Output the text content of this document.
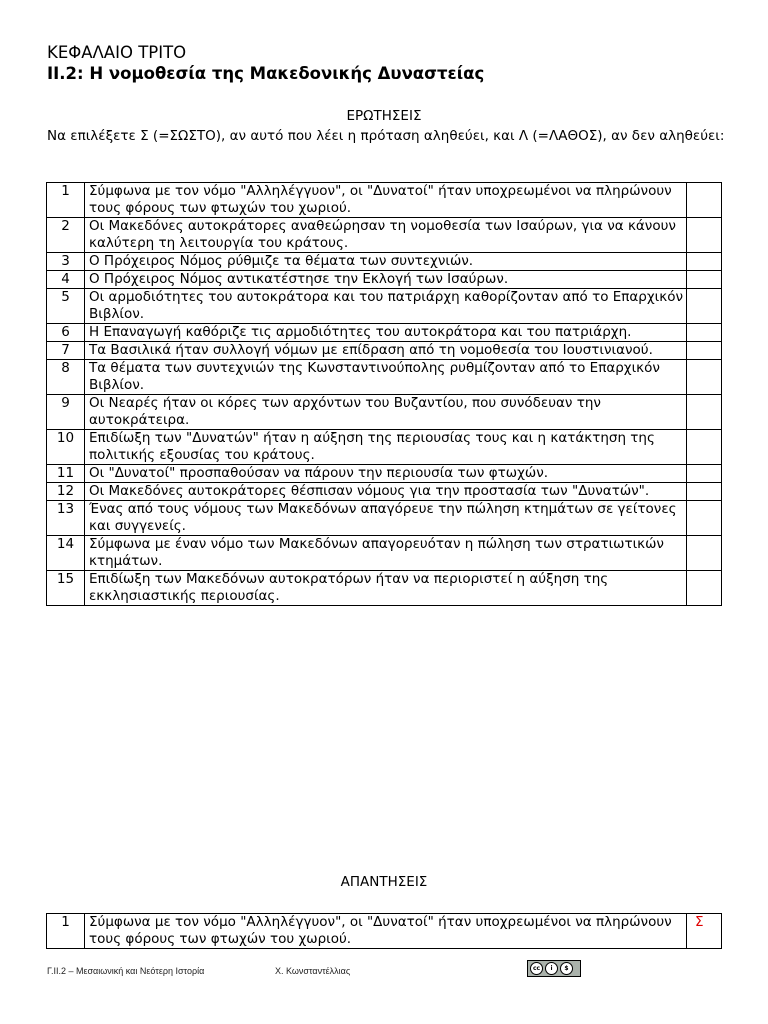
ΚΕΦΑΛΑΙΟ ΤΡΙΤΟ
ΙΙ.2: Η νομοθεσία της Μακεδονικής Δυναστείας
ΕΡΩΤΗΣΕΙΣ
Να επιλέξετε Σ (=ΣΩΣΤΟ), αν αυτό που λέει η πρόταση αληθεύει, και Λ (=ΛΑΘΟΣ), αν δεν αληθεύει:
1	Σύμφωνα με τον νόμο "Αλληλέγγυον", οι "Δυνατοί" ήταν υποχρεωμένοι να πληρώνουν τους φόρους των φτωχών του χωριού.	
2	Οι Μακεδόνες αυτοκράτορες αναθεώρησαν τη νομοθεσία των Ισαύρων, για να κάνουν καλύτερη τη λειτουργία του κράτους.	
3	Ο Πρόχειρος Νόμος ρύθμιζε τα θέματα των συντεχνιών.	
4	Ο Πρόχειρος Νόμος αντικατέστησε την Εκλογή των Ισαύρων.	
5	Οι αρμοδιότητες του αυτοκράτορα και του πατριάρχη καθορίζονταν από το Επαρχικόν Βιβλίον.	
6	Η Επαναγωγή καθόριζε τις αρμοδιότητες του αυτοκράτορα και του πατριάρχη.	
7	Τα Βασιλικά ήταν συλλογή νόμων με επίδραση από τη νομοθεσία του Ιουστινιανού.	
8	Τα θέματα των συντεχνιών της Κωνσταντινούπολης ρυθμίζονταν από το Επαρχικόν Βιβλίον.	
9	Οι Νεαρές ήταν οι κόρες των αρχόντων του Βυζαντίου, που συνόδευαν την αυτοκράτειρα.	
10	Επιδίωξη των "Δυνατών" ήταν η αύξηση της περιουσίας τους και η κατάκτηση της πολιτικής εξουσίας του κράτους.	
11	Οι "Δυνατοί" προσπαθούσαν να πάρουν την περιουσία των φτωχών.	
12	Οι Μακεδόνες αυτοκράτορες θέσπισαν νόμους για την προστασία των "Δυνατών".	
13	Ένας από τους νόμους των Μακεδόνων απαγόρευε την πώληση κτημάτων σε γείτονες και συγγενείς.	
14	Σύμφωνα με έναν νόμο των Μακεδόνων απαγορευόταν η πώληση των στρατιωτικών κτημάτων.	
15	Επιδίωξη των Μακεδόνων αυτοκρατόρων ήταν να περιοριστεί η αύξηση της εκκλησιαστικής περιουσίας.	
ΑΠΑΝΤΗΣΕΙΣ
1	Σύμφωνα με τον νόμο "Αλληλέγγυον", οι "Δυνατοί" ήταν υποχρεωμένοι να πληρώνουν τους φόρους των φτωχών του χωριού.	Σ
Γ.ΙΙ.2 – Μεσαιωνική και Νεότερη Ιστορία	Χ. Κωνσταντέλλιας	cc	i	$
